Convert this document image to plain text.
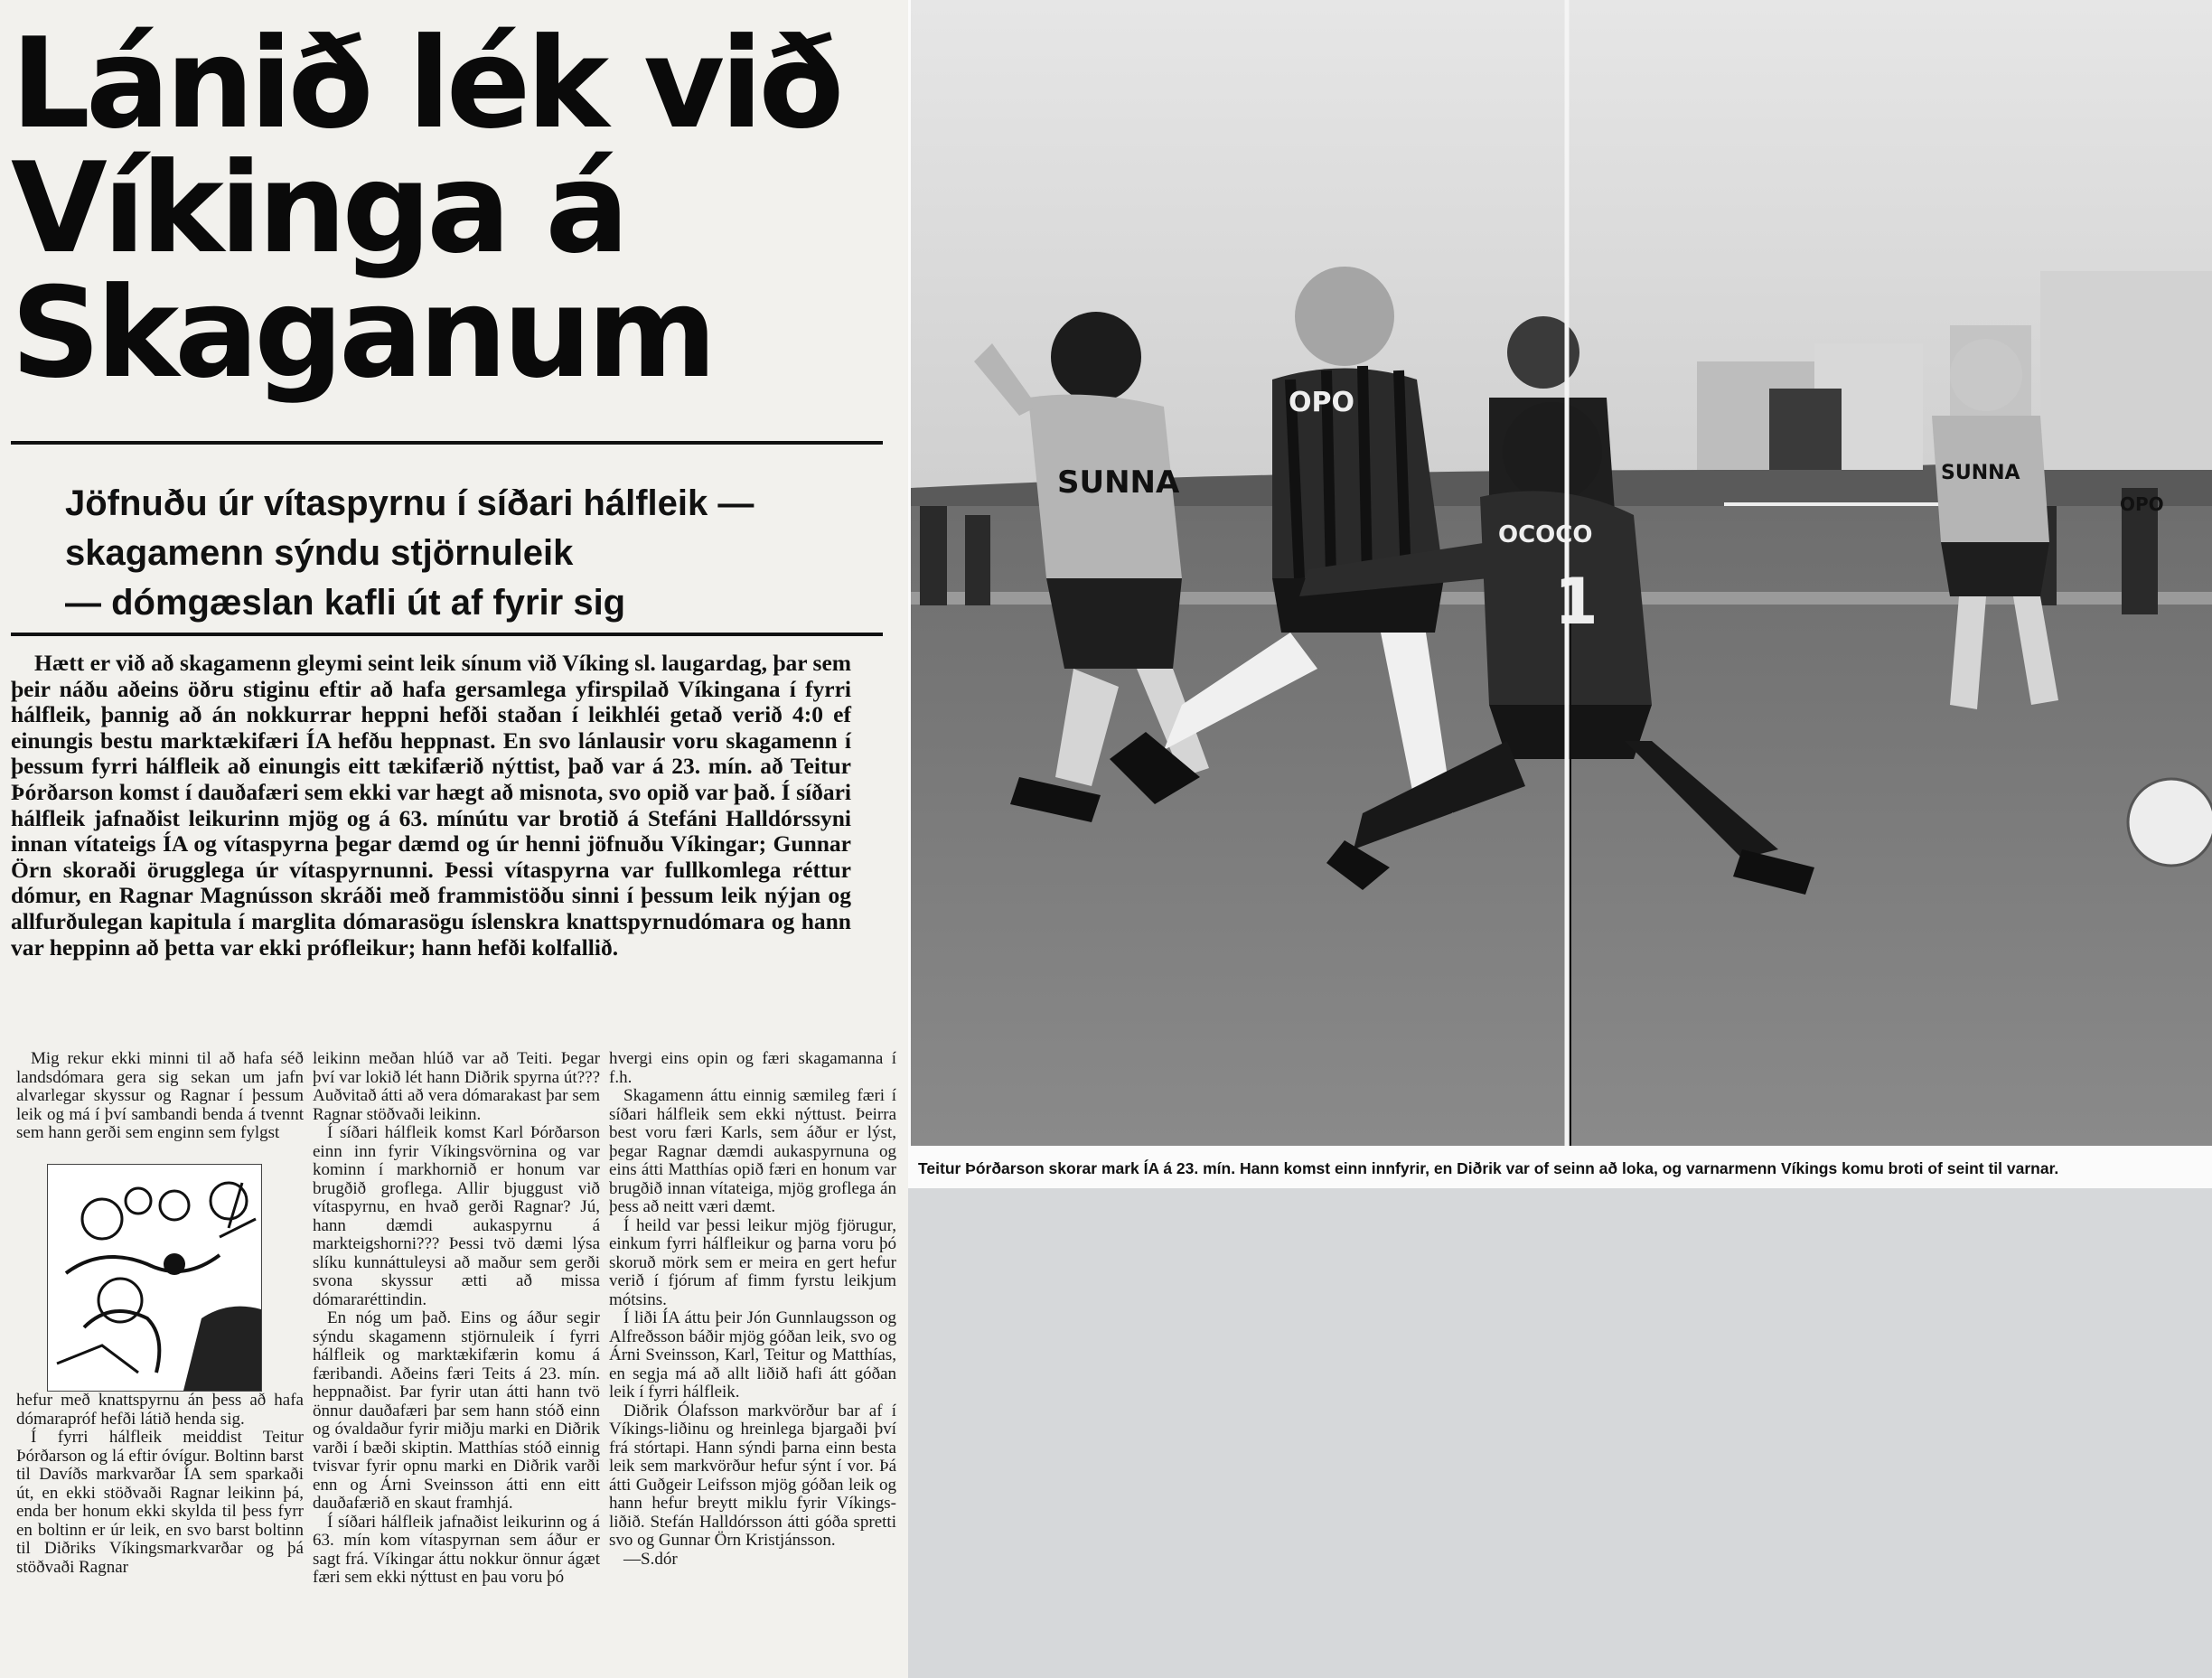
Lánið lék við
Víkinga á
Skaganum
Jöfnuðu úr vítaspyrnu í síðari hálfleik —
skagamenn sýndu stjörnuleik
— dómgæslan kafli út af fyrir sig

Hætt er við að skagamenn gleymi seint leik sínum við Víking sl. laugardag, þar sem þeir náðu aðeins öðru stiginu eftir að hafa gersamlega yfirspilað Víkingana í fyrri hálfleik, þannig að án nokkurrar heppni hefði staðan í leikhléi getað verið 4:0 ef einungis bestu marktækifæri ÍA hefðu heppnast. En svo lánlausir voru skagamenn í þessum fyrri hálfleik að einungis eitt tækifærið nýttist, það var á 23. mín. að Teitur Þórðarson komst í dauðafæri sem ekki var hægt að misnota, svo opið var það. Í síðari hálfleik jafnaðist leikurinn mjög og á 63. mínútu var brotið á Stefáni Halldórssyni innan vítateigs ÍA og vítaspyrna þegar dæmd og úr henni jöfnuðu Víkingar; Gunnar Örn skoraði örugglega úr vítaspyrnunni. Þessi vítaspyrna var fullkomlega réttur dómur, en Ragnar Magnússon skráði með frammistöðu sinni í þessum leik nýjan og allfurðulegan kapitula í marglita dómarasögu íslenskra knattspyrnudómara og hann var heppinn að þetta var ekki prófleikur; hann hefði kolfallið.

Mig rekur ekki minni til að hafa séð landsdómara gera sig sekan um jafn alvarlegar skyssur og Ragnar í þessum leik og má í því sambandi benda á tvennt sem hann gerði sem enginn sem fylgst

hefur með knattspyrnu án þess að hafa dómarapróf hefði látið henda sig.

Í fyrri hálfleik meiddist Teitur Þórðarson og lá eftir óvígur. Boltinn barst til Davíðs markvarðar ÍA sem sparkaði út, en ekki stöðvaði Ragnar leikinn þá, enda ber honum ekki skylda til þess fyrr en boltinn er úr leik, en svo barst boltinn til Diðriks Víkingsmarkvarðar og þá stöðvaði Ragnar

leikinn meðan hlúð var að Teiti. Þegar því var lokið lét hann Diðrik spyrna út??? Auðvitað átti að vera dómarakast þar sem Ragnar stöðvaði leikinn.

Í síðari hálfleik komst Karl Þórðarson einn inn fyrir Víkingsvörnina og var kominn í markhornið er honum var brugðið groflega. Allir bjuggust við vítaspyrnu, en hvað gerði Ragnar? Jú, hann dæmdi aukaspyrnu á markteigshorni??? Þessi tvö dæmi lýsa slíku kunnáttuleysi að maður sem gerði svona skyssur ætti að missa dómararéttindin.

En nóg um það. Eins og áður segir sýndu skagamenn stjörnuleik í fyrri hálfleik og marktækifærin komu á færibandi. Aðeins færi Teits á 23. mín. heppnaðist. Þar fyrir utan átti hann tvö önnur dauðafæri þar sem hann stóð einn og óvaldaður fyrir miðju marki en Diðrik varði í bæði skiptin. Matthías stóð einnig tvisvar fyrir opnu marki en Diðrik varði enn og Árni Sveinsson átti enn eitt dauðafærið en skaut framhjá.

Í síðari hálfleik jafnaðist leikurinn og á 63. mín kom vítaspyrnan sem áður er sagt frá. Víkingar áttu nokkur önnur ágæt færi sem ekki nýttust en þau voru þó

hvergi eins opin og færi skagamanna í f.h.

Skagamenn áttu einnig sæmileg færi í síðari hálfleik sem ekki nýttust. Þeirra best voru færi Karls, sem áður er lýst, þegar Ragnar dæmdi aukaspyrnuna og eins átti Matthías opið færi en honum var brugðið innan vítateiga, mjög groflega án þess að neitt væri dæmt.

Í heild var þessi leikur mjög fjörugur, einkum fyrri hálfleikur og þarna voru þó skoruð mörk sem er meira en gert hefur verið í fjórum af fimm fyrstu leikjum mótsins.

Í liði ÍA áttu þeir Jón Gunnlaugsson og Alfreðsson báðir mjög góðan leik, svo og Árni Sveinsson, Karl, Teitur og Matthías, en segja má að allt liðið hafi átt góðan leik í fyrri hálfleik.

Diðrik Ólafsson markvörður bar af í Víkings-liðinu og hreinlega bjargaði því frá stórtapi. Hann sýndi þarna einn besta leik sem markvörður hefur sýnt í vor. Þá átti Guðgeir Leifsson mjög góðan leik og hann hefur breytt miklu fyrir Víkings-liðið. Stefán Halldórsson átti góða spretti svo og Gunnar Örn Kristjánsson.

—S.dór

SUNNA
OPO
OCOCO
1
SUNNA
OPO
Teitur Þórðarson skorar mark ÍA á 23. mín. Hann komst einn innfyrir, en Diðrik var of seinn að loka, og varnarmenn Víkings komu broti of seint til varnar.
